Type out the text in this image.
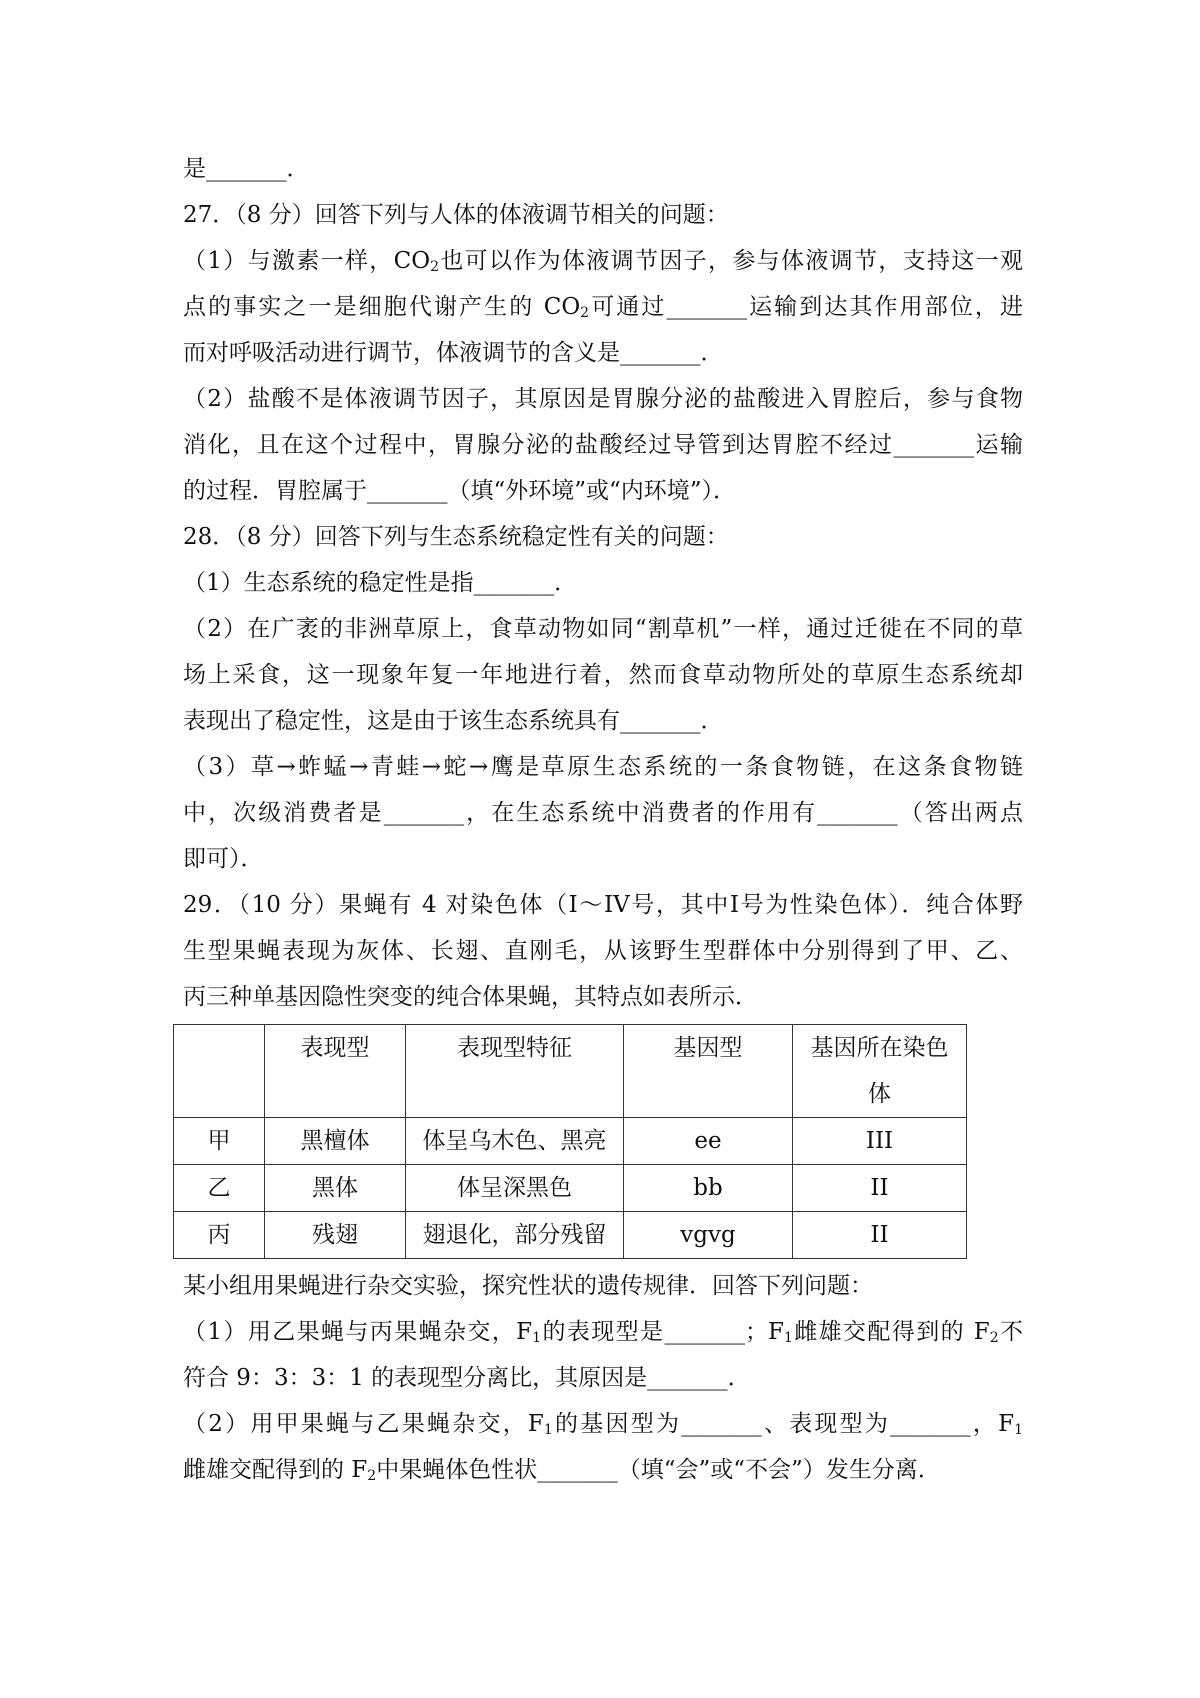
是_______．

27．（8 分）回答下列与人体的体液调节相关的问题：

（1）与激素一样，$CO_2$也可以作为体液调节因子，参与体液调节，支持这一观

点的事实之一是细胞代谢产生的 $CO_2$可通过_______运输到达其作用部位，进

而对呼吸活动进行调节，体液调节的含义是_______．

（2）盐酸不是体液调节因子，其原因是胃腺分泌的盐酸进入胃腔后，参与食物

消化，且在这个过程中，胃腺分泌的盐酸经过导管到达胃腔不经过_______运输

的过程．胃腔属于_______（填“外环境”或“内环境”）．

28．（8 分）回答下列与生态系统稳定性有关的问题：

（1）生态系统的稳定性是指_______．

（2）在广袤的非洲草原上，食草动物如同“割草机”一样，通过迁徙在不同的草

场上采食，这一现象年复一年地进行着，然而食草动物所处的草原生态系统却

表现出了稳定性，这是由于该生态系统具有_______．

（3）草→蚱蜢→青蛙→蛇→鹰是草原生态系统的一条食物链，在这条食物链

中，次级消费者是_______，在生态系统中消费者的作用有_______（答出两点

即可）．

29．（10 分）果蝇有 4 对染色体（I～IV号，其中I号为性染色体）．纯合体野

生型果蝇表现为灰体、长翅、直刚毛，从该野生型群体中分别得到了甲、乙、

丙三种单基因隐性突变的纯合体果蝇，其特点如表所示．

	表现型	表现型特征	基因型	基因所在染色体

甲	黑檀体	体呈乌木色、黑亮	ee	III
乙	黑体	体呈深黑色	bb	II
丙	残翅	翅退化，部分残留	vgvg	II

某小组用果蝇进行杂交实验，探究性状的遗传规律．回答下列问题：

（1）用乙果蝇与丙果蝇杂交，$F_1$的表现型是_______；$F_1$雌雄交配得到的 $F_2$不

符合 9：3：3：1 的表现型分离比，其原因是_______．

（2）用甲果蝇与乙果蝇杂交，$F_1$的基因型为_______、表现型为_______，$F_1$

雌雄交配得到的 $F_2$中果蝇体色性状_______（填“会”或“不会”）发生分离．
